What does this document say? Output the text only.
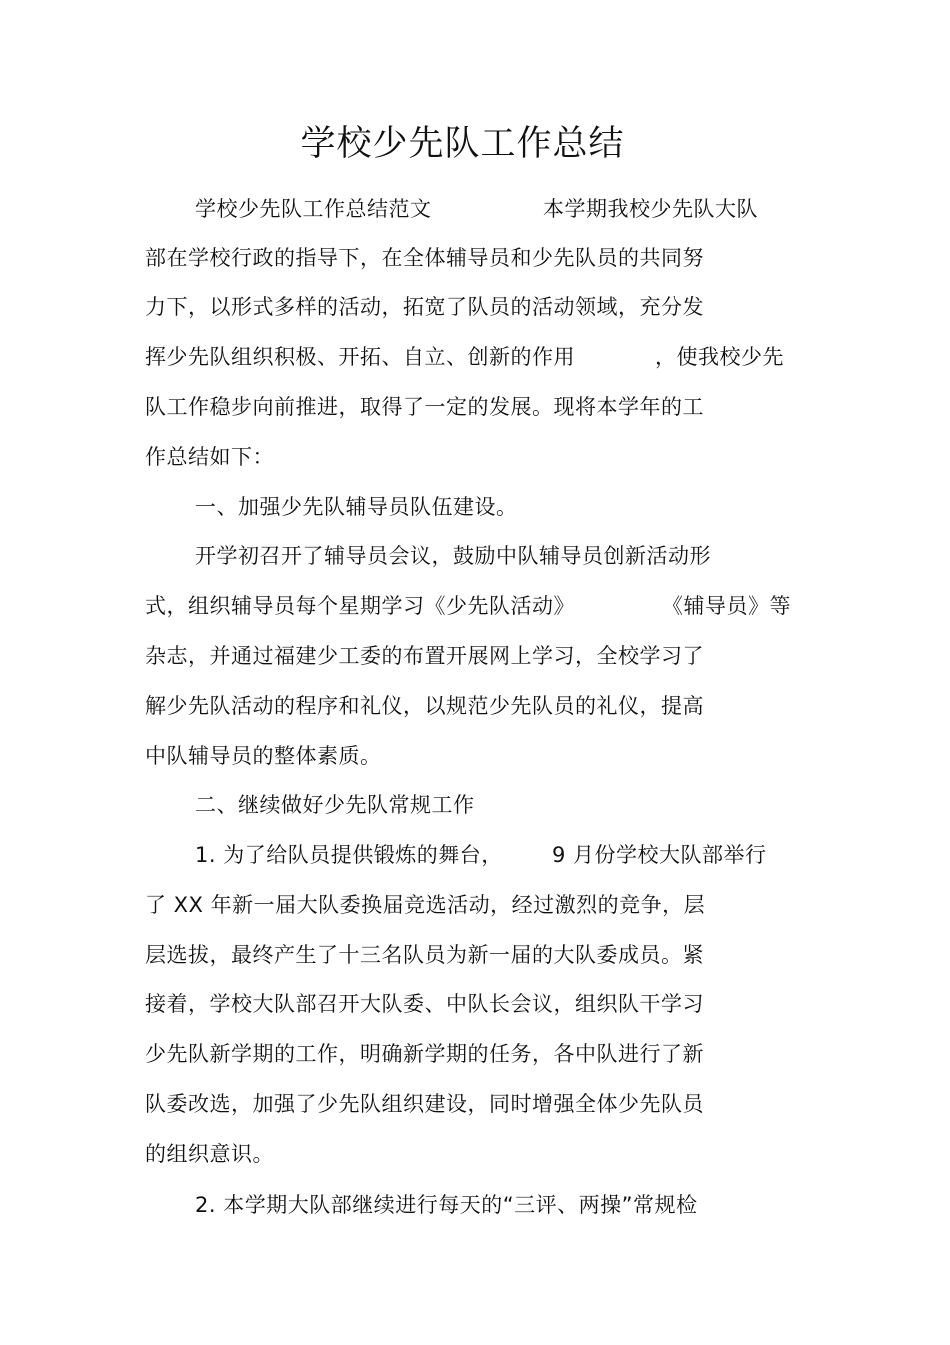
学校少先队工作总结
学校少先队工作总结范文	本学期我校少先队大队
部在学校行政的指导下，在全体辅导员和少先队员的共同努
力下，以形式多样的活动，拓宽了队员的活动领域，充分发
挥少先队组织积极、开拓、自立、创新的作用	，使我校少先
队工作稳步向前推进，取得了一定的发展。现将本学年的工
作总结如下：
一、加强少先队辅导员队伍建设。
开学初召开了辅导员会议，鼓励中队辅导员创新活动形
式，组织辅导员每个星期学习《少先队活动》	《辅导员》等
杂志，并通过福建少工委的布置开展网上学习，全校学习了
解少先队活动的程序和礼仪，以规范少先队员的礼仪，提高
中队辅导员的整体素质。
二、继续做好少先队常规工作
1. 为了给队员提供锻炼的舞台， 9 月份学校大队部举行
了 XX 年新一届大队委换届竞选活动，经过激烈的竞争，层
层选拔，最终产生了十三名队员为新一届的大队委成员。紧
接着，学校大队部召开大队委、中队长会议，组织队干学习
少先队新学期的工作，明确新学期的任务，各中队进行了新
队委改选，加强了少先队组织建设，同时增强全体少先队员
的组织意识。
2. 本学期大队部继续进行每天的“三评、两操”常规检
